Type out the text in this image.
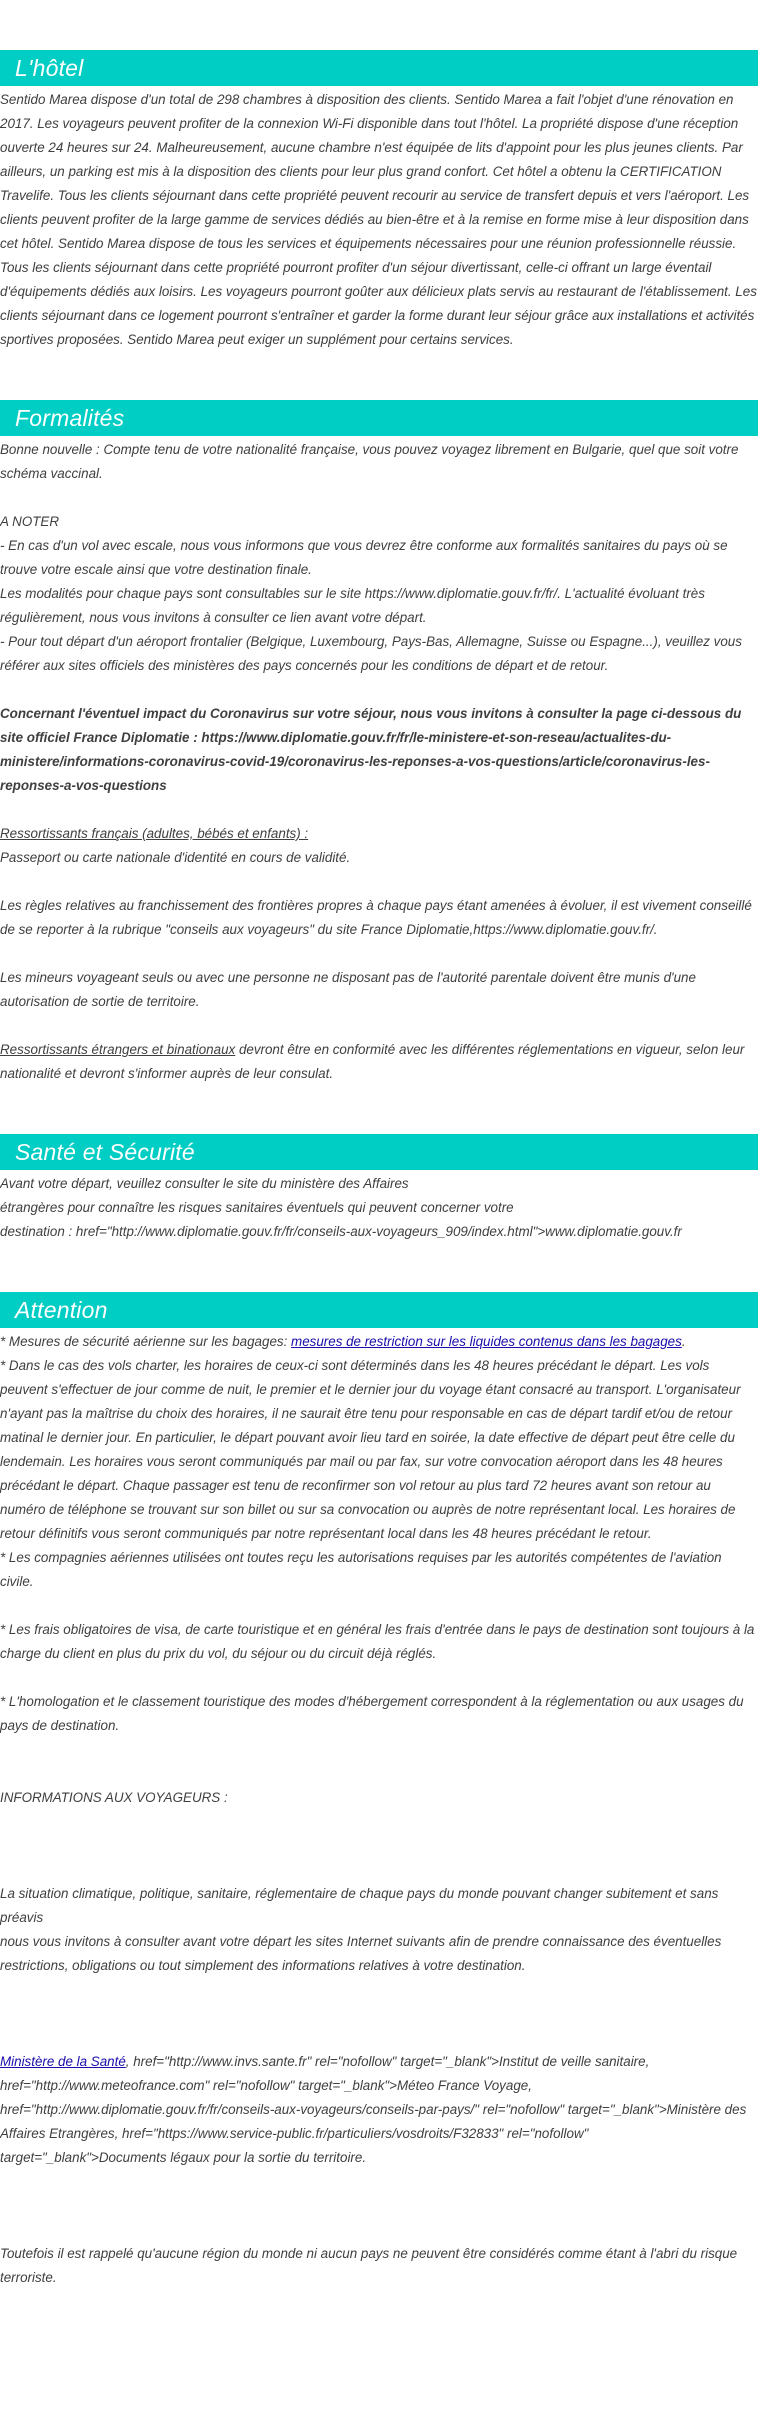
L'hôtel

Sentido Marea dispose d'un total de 298 chambres à disposition des clients. Sentido Marea a fait l'objet d'une rénovation en 2017. Les voyageurs peuvent profiter de la connexion Wi-Fi disponible dans tout l'hôtel. La propriété dispose d'une réception ouverte 24 heures sur 24. Malheureusement, aucune chambre n'est équipée de lits d'appoint pour les plus jeunes clients. Par ailleurs, un parking est mis à la disposition des clients pour leur plus grand confort. Cet hôtel a obtenu la CERTIFICATION Travelife. Tous les clients séjournant dans cette propriété peuvent recourir au service de transfert depuis et vers l'aéroport. Les clients peuvent profiter de la large gamme de services dédiés au bien-être et à la remise en forme mise à leur disposition dans cet hôtel. Sentido Marea dispose de tous les services et équipements nécessaires pour une réunion professionnelle réussie. Tous les clients séjournant dans cette propriété pourront profiter d'un séjour divertissant, celle-ci offrant un large éventail d'équipements dédiés aux loisirs. Les voyageurs pourront goûter aux délicieux plats servis au restaurant de l'établissement. Les clients séjournant dans ce logement pourront s'entraîner et garder la forme durant leur séjour grâce aux installations et activités sportives proposées. Sentido Marea peut exiger un supplément pour certains services.

Formalités

Bonne nouvelle : Compte tenu de votre nationalité française, vous pouvez voyagez librement en Bulgarie, quel que soit votre schéma vaccinal.

A NOTER

- En cas d'un vol avec escale, nous vous informons que vous devrez être conforme aux formalités sanitaires du pays où se trouve votre escale ainsi que votre destination finale.

Les modalités pour chaque pays sont consultables sur le site https://www.diplomatie.gouv.fr/fr/. L'actualité évoluant très régulièrement, nous vous invitons à consulter ce lien avant votre départ.

- Pour tout départ d'un aéroport frontalier (Belgique, Luxembourg, Pays-Bas, Allemagne, Suisse ou Espagne...), veuillez vous référer aux sites officiels des ministères des pays concernés pour les conditions de départ et de retour.

Concernant l'éventuel impact du Coronavirus sur votre séjour, nous vous invitons à consulter la page ci-dessous du site officiel France Diplomatie : https://www.diplomatie.gouv.fr/fr/le-ministere-et-son-reseau/actualites-du-ministere/informations-coronavirus-covid-19/coronavirus-les-reponses-a-vos-questions/article/coronavirus-les-reponses-a-vos-questions

Ressortissants français (adultes, bébés et enfants) :

Passeport ou carte nationale d'identité en cours de validité.

Les règles relatives au franchissement des frontières propres à chaque pays étant amenées à évoluer, il est vivement conseillé de se reporter à la rubrique "conseils aux voyageurs" du site France Diplomatie,https://www.diplomatie.gouv.fr/.

Les mineurs voyageant seuls ou avec une personne ne disposant pas de l'autorité parentale doivent être munis d'une autorisation de sortie de territoire.

Ressortissants étrangers et binationaux devront être en conformité avec les différentes réglementations en vigueur, selon leur nationalité et devront s'informer auprès de leur consulat.

Santé et Sécurité

Avant votre départ, veuillez consulter le site du ministère des Affaires

étrangères pour connaître les risques sanitaires éventuels qui peuvent concerner votre

destination : href="http://www.diplomatie.gouv.fr/fr/conseils-aux-voyageurs_909/index.html">www.diplomatie.gouv.fr

Attention

* Mesures de sécurité aérienne sur les bagages: mesures de restriction sur les liquides contenus dans les bagages.

* Dans le cas des vols charter, les horaires de ceux-ci sont déterminés dans les 48 heures précédant le départ. Les vols peuvent s'effectuer de jour comme de nuit, le premier et le dernier jour du voyage étant consacré au transport. L'organisateur n'ayant pas la maîtrise du choix des horaires, il ne saurait être tenu pour responsable en cas de départ tardif et/ou de retour matinal le dernier jour. En particulier, le départ pouvant avoir lieu tard en soirée, la date effective de départ peut être celle du lendemain. Les horaires vous seront communiqués par mail ou par fax, sur votre convocation aéroport dans les 48 heures précédant le départ. Chaque passager est tenu de reconfirmer son vol retour au plus tard 72 heures avant son retour au numéro de téléphone se trouvant sur son billet ou sur sa convocation ou auprès de notre représentant local. Les horaires de retour définitifs vous seront communiqués par notre représentant local dans les 48 heures précédant le retour.

* Les compagnies aériennes utilisées ont toutes reçu les autorisations requises par les autorités compétentes de l'aviation civile.

* Les frais obligatoires de visa, de carte touristique et en général les frais d'entrée dans le pays de destination sont toujours à la charge du client en plus du prix du vol, du séjour ou du circuit déjà réglés.

* L'homologation et le classement touristique des modes d'hébergement correspondent à la réglementation ou aux usages du pays de destination.

INFORMATIONS AUX VOYAGEURS :

La situation climatique, politique, sanitaire, réglementaire de chaque pays du monde pouvant changer subitement et sans préavis

nous vous invitons à consulter avant votre départ les sites Internet suivants afin de prendre connaissance des éventuelles restrictions, obligations ou tout simplement des informations relatives à votre destination.

Ministère de la Santé, href="http://www.invs.sante.fr" rel="nofollow" target="_blank">Institut de veille sanitaire, href="http://www.meteofrance.com" rel="nofollow" target="_blank">Méteo France Voyage, href="http://www.diplomatie.gouv.fr/fr/conseils-aux-voyageurs/conseils-par-pays/" rel="nofollow" target="_blank">Ministère des Affaires Etrangères, href="https://www.service-public.fr/particuliers/vosdroits/F32833" rel="nofollow" target="_blank">Documents légaux pour la sortie du territoire.

Toutefois il est rappelé qu'aucune région du monde ni aucun pays ne peuvent être considérés comme étant à l'abri du risque terroriste.
